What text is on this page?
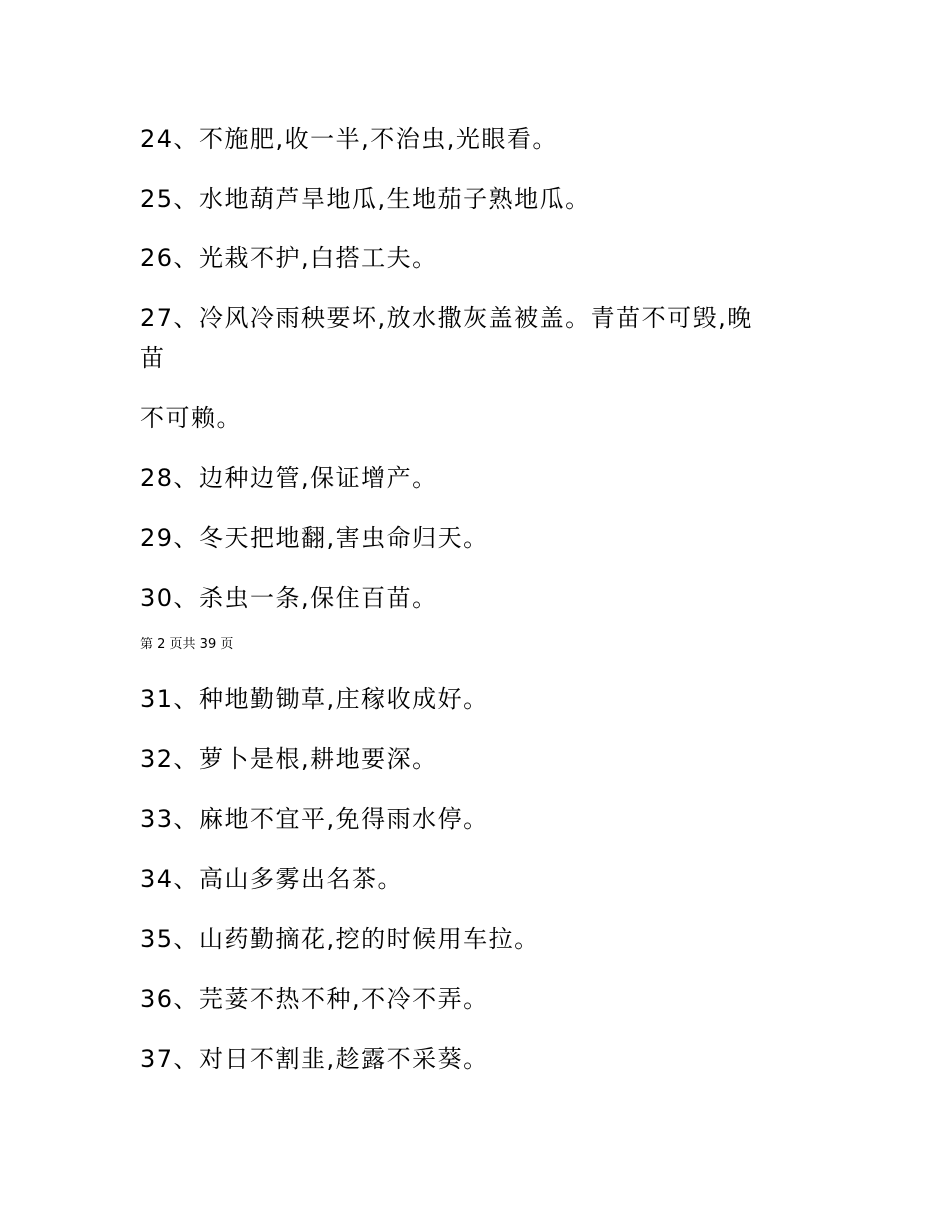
24、不施肥,收一半,不治虫,光眼看。
25、水地葫芦旱地瓜,生地茄子熟地瓜。
26、光栽不护,白搭工夫。
27、冷风冷雨秧要坏,放水撒灰盖被盖。青苗不可毁,晚
苗
不可赖。
28、边种边管,保证增产。
29、冬天把地翻,害虫命归天。
30、杀虫一条,保住百苗。
第 2 页共 39 页
31、种地勤锄草,庄稼收成好。
32、萝卜是根,耕地要深。
33、麻地不宜平,免得雨水停。
34、高山多雾出名茶。
35、山药勤摘花,挖的时候用车拉。
36、芫荽不热不种,不冷不弄。
37、对日不割韭,趁露不采葵。
